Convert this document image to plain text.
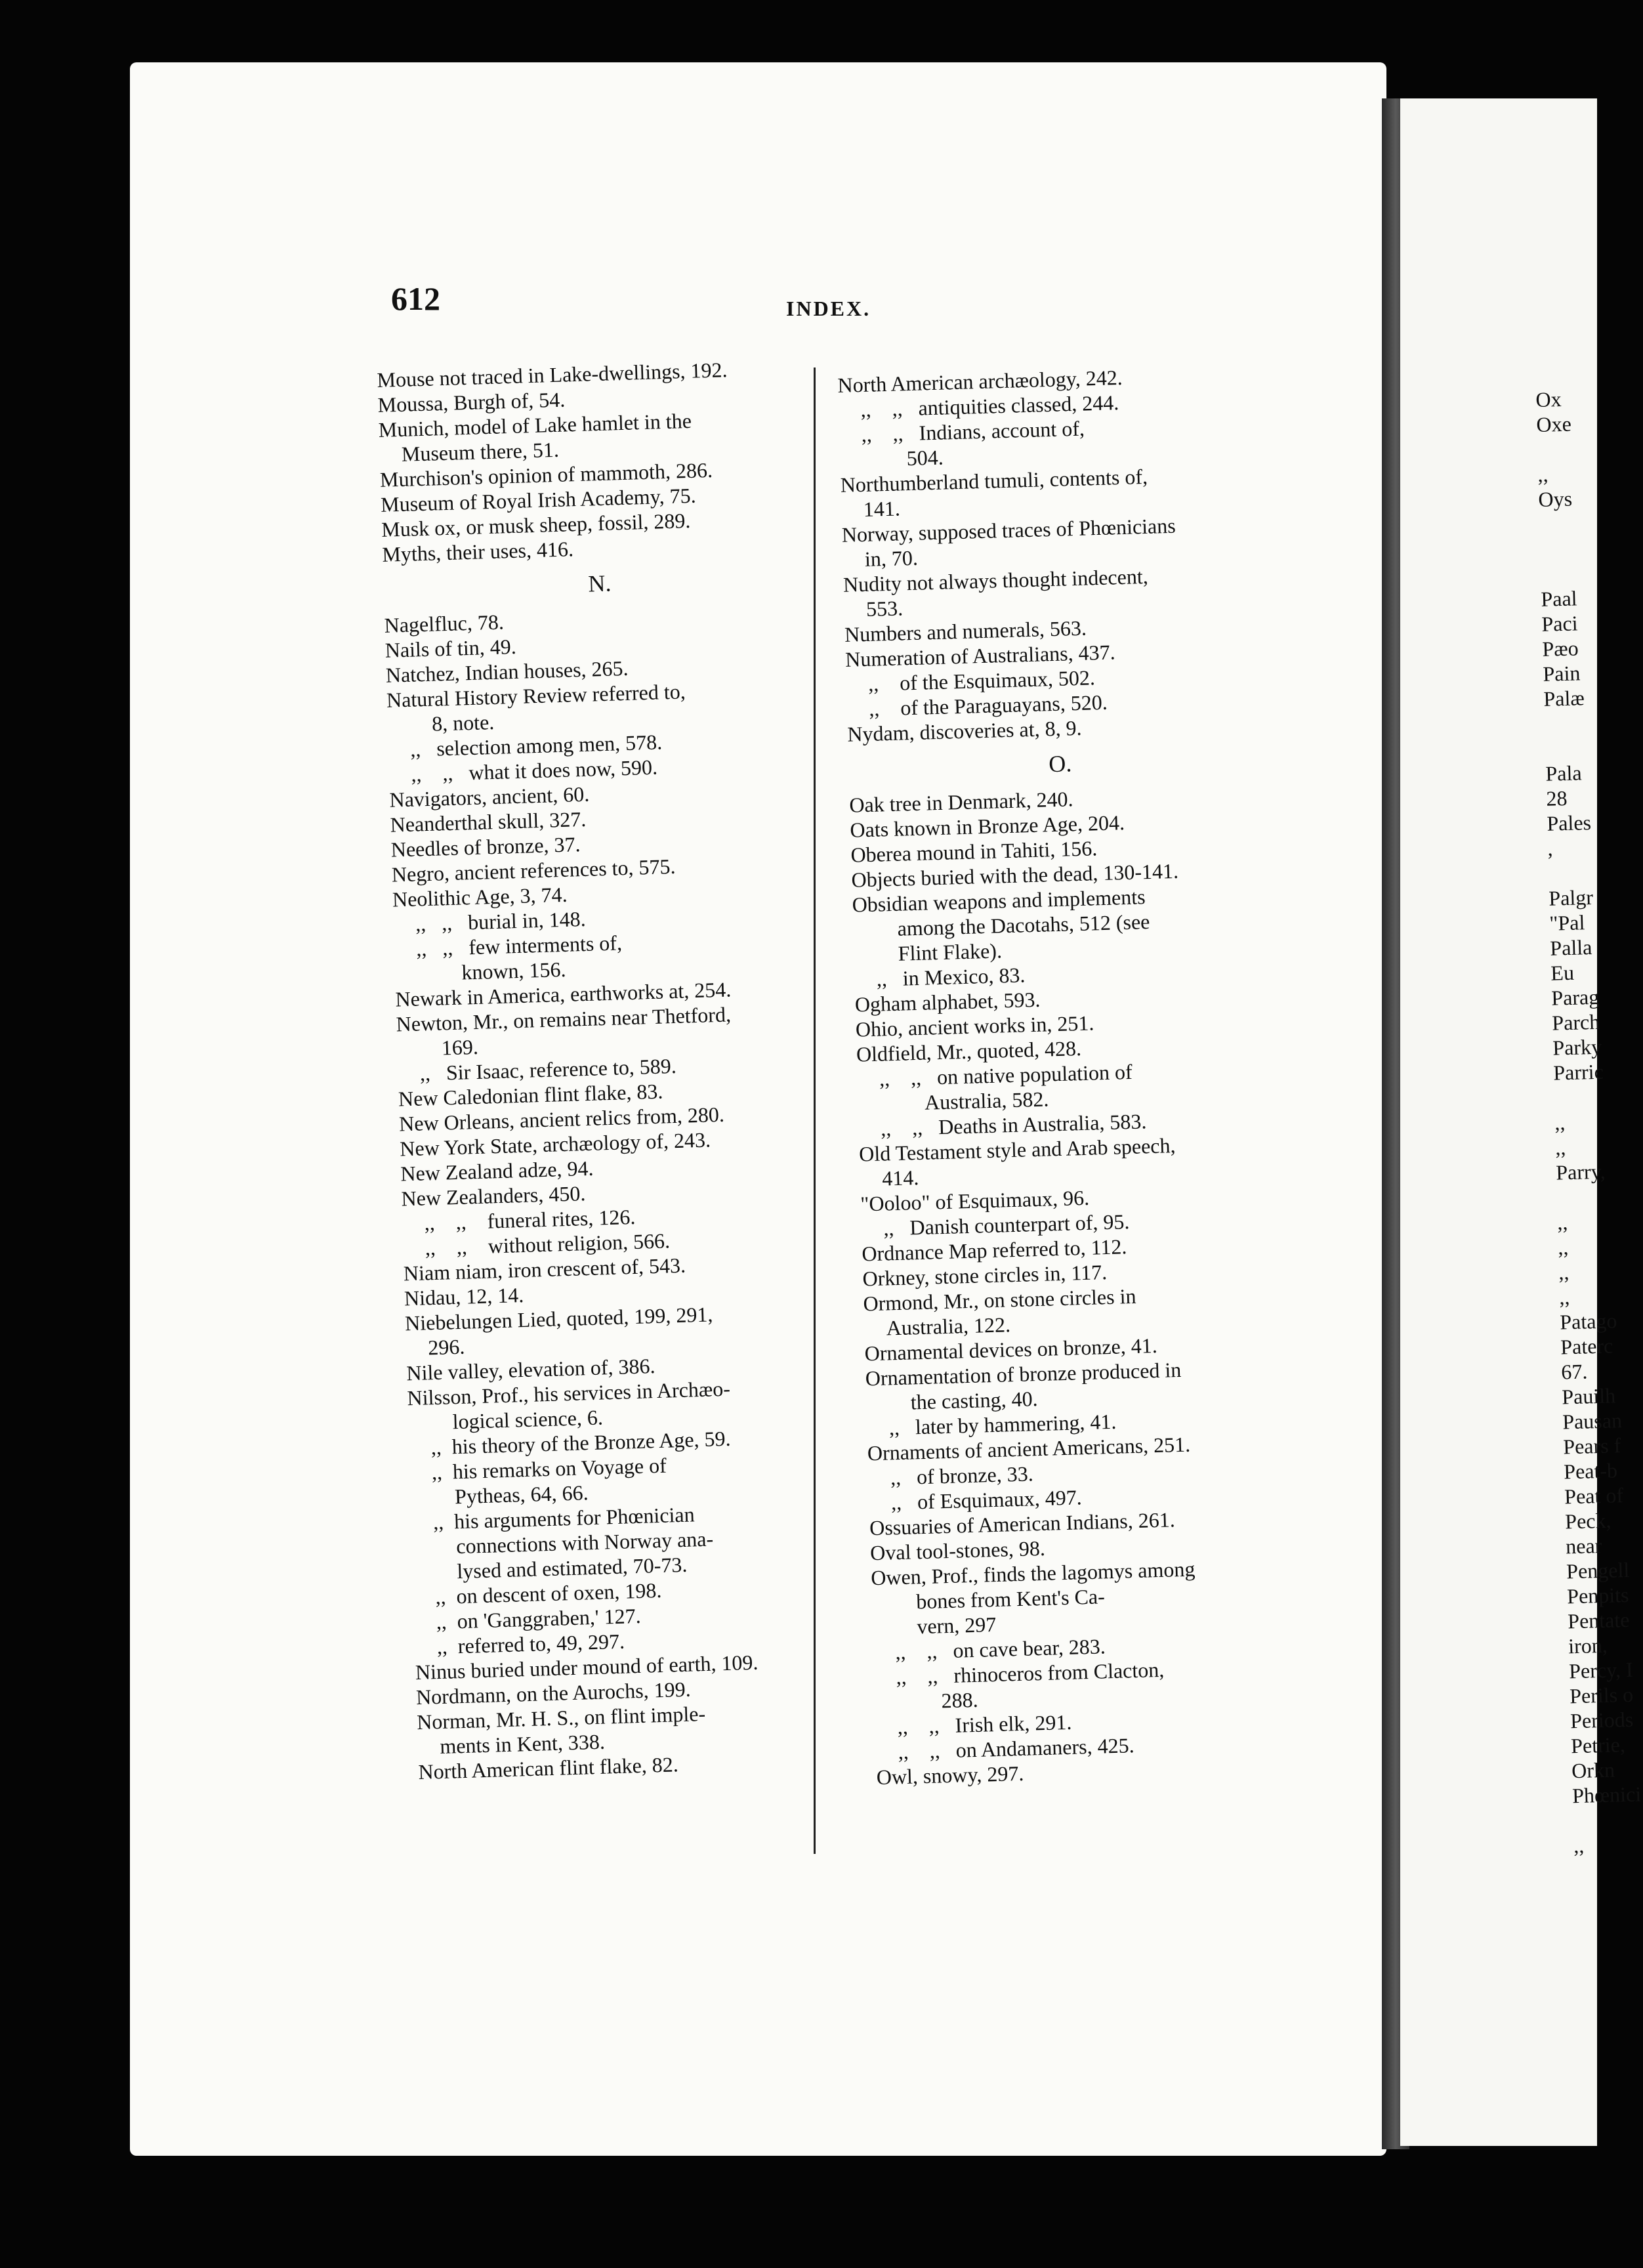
612	INDEX.
Mouse not traced in Lake-dwellings, 192.
Moussa, Burgh of, 54.
Munich, model of Lake hamlet in the
Museum there, 51.
Murchison's opinion of mammoth, 286.
Museum of Royal Irish Academy, 75.
Musk ox, or musk sheep, fossil, 289.
Myths, their uses, 416.
N.
Nagelfluc, 78.
Nails of tin, 49.
Natchez, Indian houses, 265.
Natural History Review referred to,
8, note.
,,   selection among men, 578.
,,    ,,   what it does now, 590.
Navigators, ancient, 60.
Neanderthal skull, 327.
Needles of bronze, 37.
Negro, ancient references to, 575.
Neolithic Age, 3, 74.
,,   ,,   burial in, 148.
,,   ,,   few interments of,
known, 156.
Newark in America, earthworks at, 254.
Newton, Mr., on remains near Thetford,
169.
,,   Sir Isaac, reference to, 589.
New Caledonian flint flake, 83.
New Orleans, ancient relics from, 280.
New York State, archæology of, 243.
New Zealand adze, 94.
New Zealanders, 450.
,,    ,,    funeral rites, 126.
,,    ,,    without religion, 566.
Niam niam, iron crescent of, 543.
Nidau, 12, 14.
Niebelungen Lied, quoted, 199, 291,
296.
Nile valley, elevation of, 386.
Nilsson, Prof., his services in Archæo-
logical science, 6.
,,  his theory of the Bronze Age, 59.
,,  his remarks on Voyage of
Pytheas, 64, 66.
,,  his arguments for Phœnician
connections with Norway ana-
lysed and estimated, 70-73.
,,  on descent of oxen, 198.
,,  on 'Ganggraben,' 127.
,,  referred to, 49, 297.
Ninus buried under mound of earth, 109.
Nordmann, on the Aurochs, 199.
Norman, Mr. H. S., on flint imple-
ments in Kent, 338.
North American flint flake, 82.
North American archæology, 242.
,,    ,,   antiquities classed, 244.
,,    ,,   Indians, account of,
504.
Northumberland tumuli, contents of,
141.
Norway, supposed traces of Phœnicians
in, 70.
Nudity not always thought indecent,
553.
Numbers and numerals, 563.
Numeration of Australians, 437.
,,    of the Esquimaux, 502.
,,    of the Paraguayans, 520.
Nydam, discoveries at, 8, 9.
O.
Oak tree in Denmark, 240.
Oats known in Bronze Age, 204.
Oberea mound in Tahiti, 156.
Objects buried with the dead, 130-141.
Obsidian weapons and implements
among the Dacotahs, 512 (see
Flint Flake).
,,   in Mexico, 83.
Ogham alphabet, 593.
Ohio, ancient works in, 251.
Oldfield, Mr., quoted, 428.
,,    ,,   on native population of
Australia, 582.
,,    ,,   Deaths in Australia, 583.
Old Testament style and Arab speech,
414.
"Ooloo" of Esquimaux, 96.
,,   Danish counterpart of, 95.
Ordnance Map referred to, 112.
Orkney, stone circles in, 117.
Ormond, Mr., on stone circles in
Australia, 122.
Ornamental devices on bronze, 41.
Ornamentation of bronze produced in
the casting, 40.
,,   later by hammering, 41.
Ornaments of ancient Americans, 251.
,,   of bronze, 33.
,,   of Esquimaux, 497.
Ossuaries of American Indians, 261.
Oval tool-stones, 98.
Owen, Prof., finds the lagomys among
bones from Kent's Ca-
vern, 297
,,    ,,   on cave bear, 283.
,,    ,,   rhinoceros from Clacton,
288.
,,    ,,   Irish elk, 291.
,,    ,,   on Andamaners, 425.
Owl, snowy, 297.
Ox
Oxe

,,
Oys

Paal
Paci
Pæo
Pain
Palæ

Pala
28
Pales
,

Palgr
"Pal
Palla
Eu
Parag
Parch
Parky
Parric

,,
,,
Parry,

,,
,,
,,
,,
Patago
Paterc
67.
Pauilh
Pausan
Pears f
Peat-b
Peat of
Peck,
near
Pengell
Penpits
Pentate
iron,
Percy, I
Perils o
Periods
Petrie,
Orkn
Phœnici

,,
